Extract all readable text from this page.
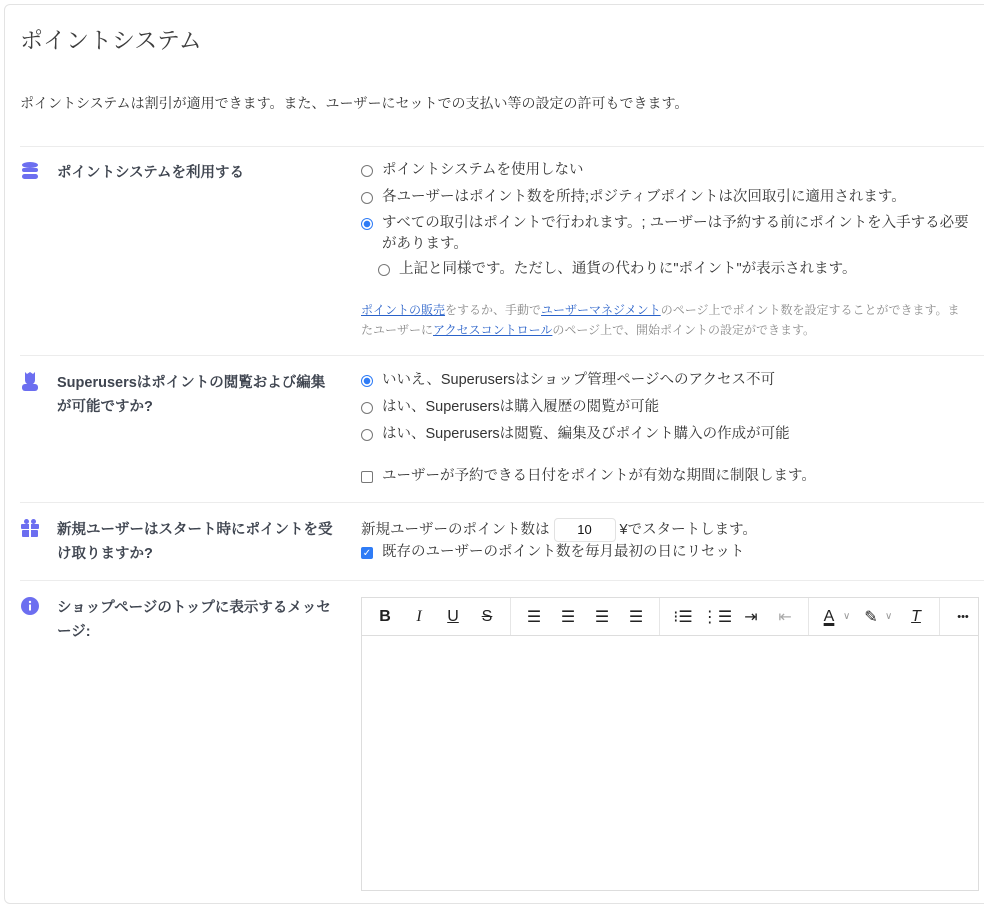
ポイントシステム
ポイントシステムは割引が適用できます。また、ユーザーにセットでの支払い等の設定の許可もできます。
ポイントシステムを利用する	ポイントシステムを使用しない
各ユーザーはポイント数を所持;ポジティブポイントは次回取引に適用されます。
すべての取引はポイントで行われます。; ユーザーは予約する前にポイントを入手する必要があります。
上記と同様です。ただし、通貨の代わりに"ポイント"が表示されます。
ポイントの販売をするか、手動でユーザーマネジメントのページ上でポイント数を設定することができます。またユーザーにアクセスコントロールのページ上で、開始ポイントの設定ができます。
Superusersはポイントの閲覧および編集が可能ですか?
いいえ、Superusersはショップ管理ページへのアクセス不可
はい、Superusersは購入履歴の閲覧が可能
はい、Superusersは閲覧、編集及びポイント購入の作成が可能
ユーザーが予約できる日付をポイントが有効な期間に制限します。
新規ユーザーはスタート時にポイントを受け取りますか?
新規ユーザーのポイント数は	10	¥でスタートします。
✓ 既存のユーザーのポイント数を毎月最初の日にリセット
ショップページのトップに表示するメッセージ:
B	I	U	S	☰	☰	☰	☰	⁝☰ ⋮☰ ⇥	⇤	A ∨ ✎ ∨	T	•••
